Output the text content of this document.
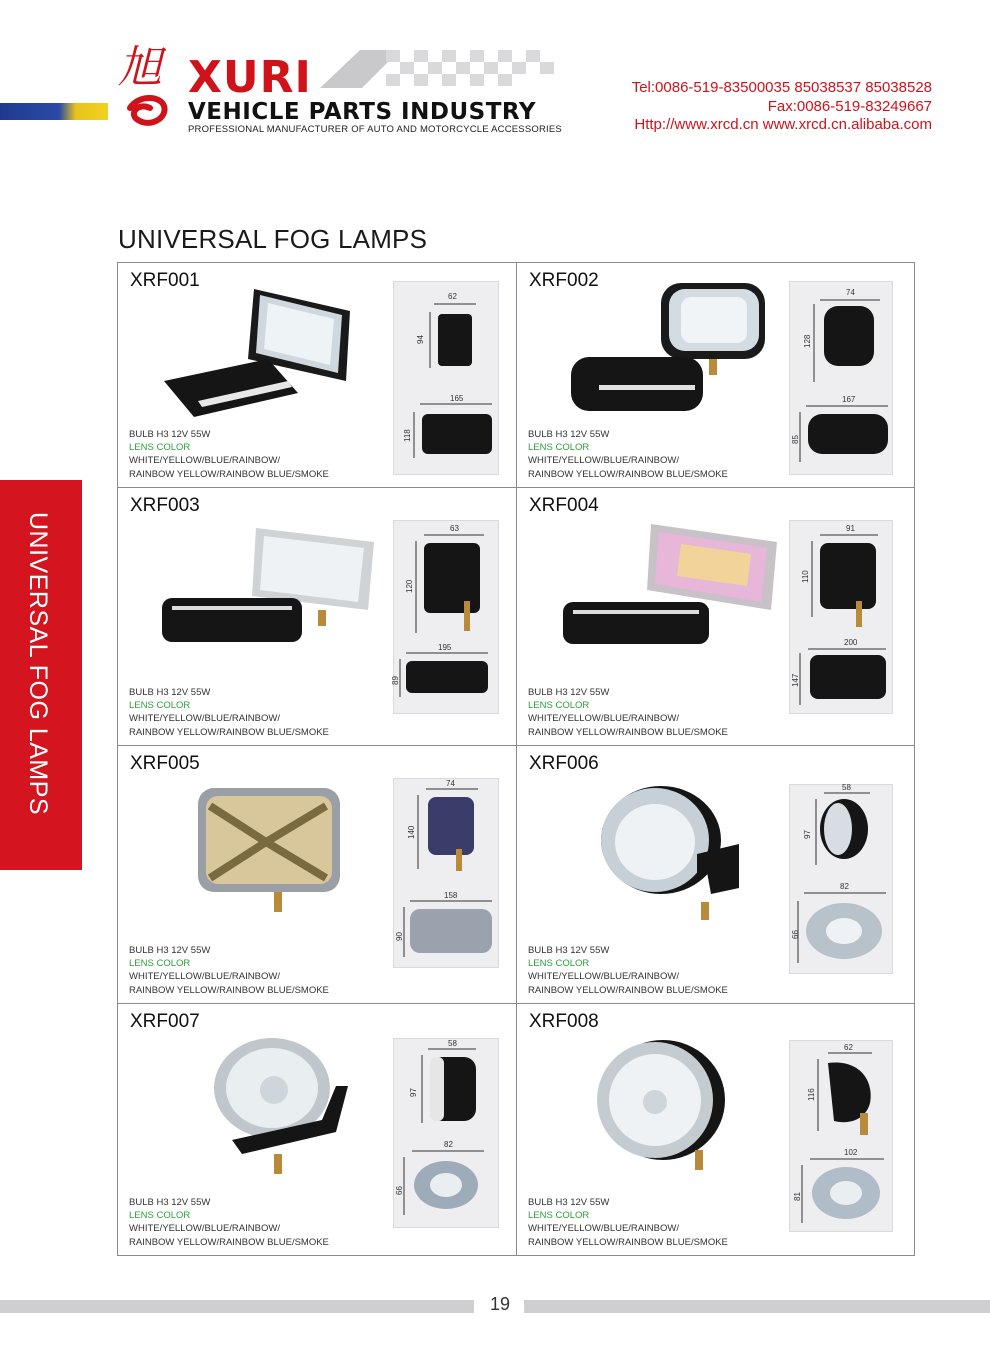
旭 XURI
VEHICLE PARTS INDUSTRY
PROFESSIONAL MANUFACTURER OF AUTO AND MOTORCYCLE ACCESSORIES
Tel:0086-519-83500035 85038537 85038528
Fax:0086-519-83249667
Http://www.xrcd.cn www.xrcd.cn.alibaba.com
UNIVERSAL FOG LAMPS
UNIVERSAL FOG LAMPS
XRF001
62
94
165
118
BULB H3 12V 55W
LENS COLOR
WHITE/YELLOW/BLUE/RAINBOW/
RAINBOW YELLOW/RAINBOW BLUE/SMOKE
XRF002
74
128
167
85
BULB H3 12V 55W
LENS COLOR
WHITE/YELLOW/BLUE/RAINBOW/
RAINBOW YELLOW/RAINBOW BLUE/SMOKE
XRF003
63
120
195
89
BULB H3 12V 55W
LENS COLOR
WHITE/YELLOW/BLUE/RAINBOW/
RAINBOW YELLOW/RAINBOW BLUE/SMOKE
XRF004
91
110
200
147
BULB H3 12V 55W
LENS COLOR
WHITE/YELLOW/BLUE/RAINBOW/
RAINBOW YELLOW/RAINBOW BLUE/SMOKE
XRF005
74
140
158
90
BULB H3 12V 55W
LENS COLOR
WHITE/YELLOW/BLUE/RAINBOW/
RAINBOW YELLOW/RAINBOW BLUE/SMOKE
XRF006
58
97
82
66
BULB H3 12V 55W
LENS COLOR
WHITE/YELLOW/BLUE/RAINBOW/
RAINBOW YELLOW/RAINBOW BLUE/SMOKE
XRF007
58
97
82
66
BULB H3 12V 55W
LENS COLOR
WHITE/YELLOW/BLUE/RAINBOW/
RAINBOW YELLOW/RAINBOW BLUE/SMOKE
XRF008
62
116
102
81
BULB H3 12V 55W
LENS COLOR
WHITE/YELLOW/BLUE/RAINBOW/
RAINBOW YELLOW/RAINBOW BLUE/SMOKE
19
